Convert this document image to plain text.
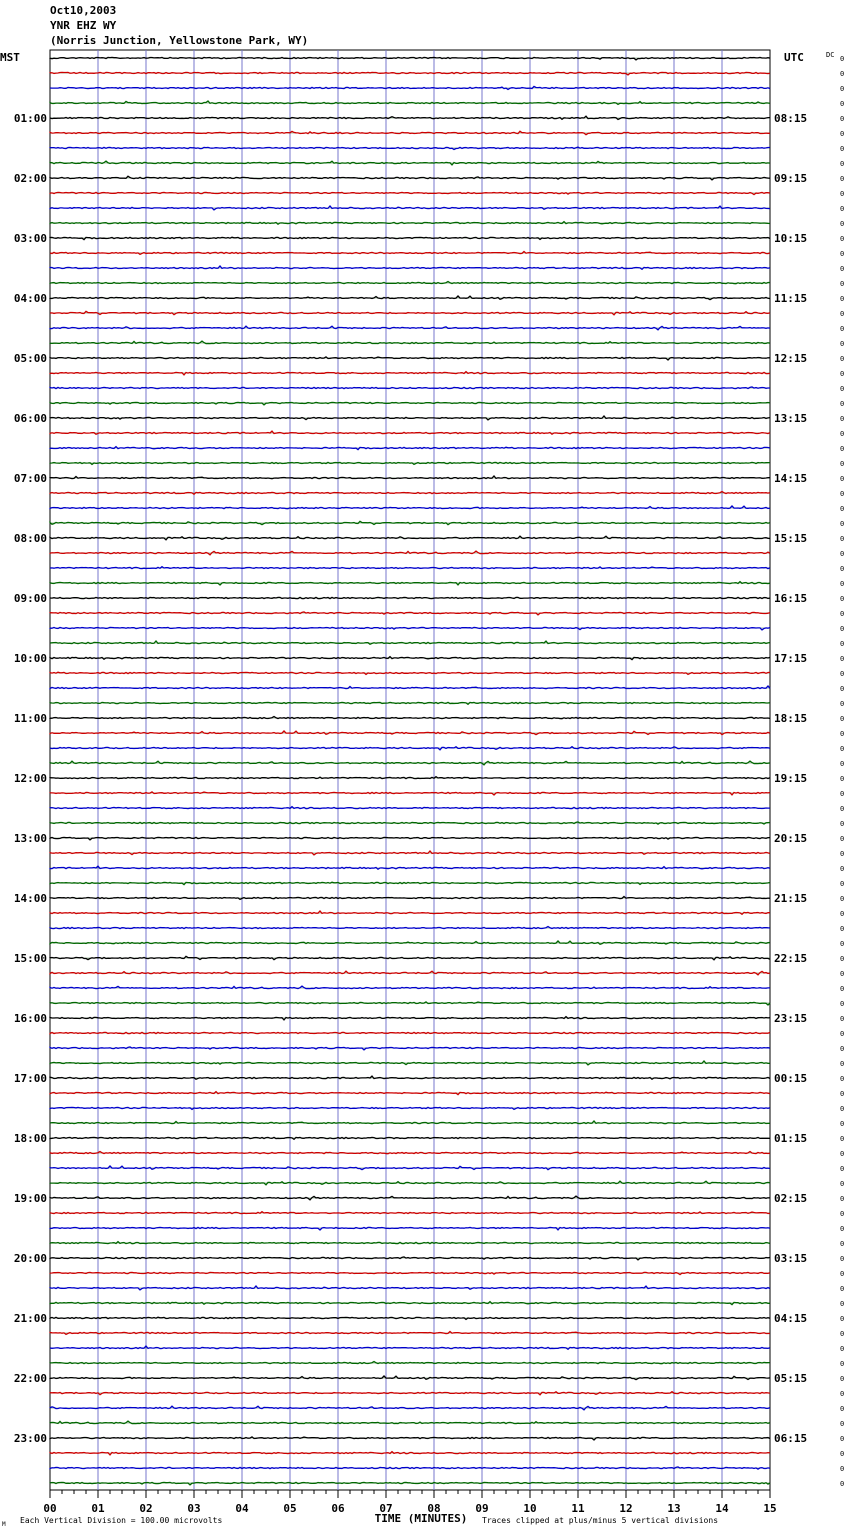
Oct10,2003
YNR EHZ WY
(Norris Junction, Yellowstone Park, WY)
MST	UTC	DC
TIME (MINUTES)
Each Vertical Division = 100.00 microvolts	Traces clipped at plus/minus 5 vertical divisions
M
01:00
02:00
03:00
04:00
05:00
06:00
07:00
08:00
09:00
10:00
11:00
12:00
13:00
14:00
15:00
16:00
17:00
18:00
19:00
20:00
21:00
22:00
23:00
08:15
09:15
10:15
11:15
12:15
13:15
14:15
15:15
16:15
17:15
18:15
19:15
20:15
21:15
22:15
23:15
00:15
01:15
02:15
03:15
04:15
05:15
06:15
0
0
0
0
0
0
0
0
0
0
0
0
0
0
0
0
0
0
0
0
0
0
0
0
0
0
0
0
0
0
0
0
0
0
0
0
0
0
0
0
0
0
0
0
0
0
0
0
0
0
0
0
0
0
0
0
0
0
0
0
0
0
0
0
0
0
0
0
0
0
0
0
0
0
0
0
0
0
0
0
0
0
0
0
0
0
0
0
0
0
0
0
0
0
0
0
00	01	02	03	04	05	06	07	08	09	10	11	12	13	14	15
